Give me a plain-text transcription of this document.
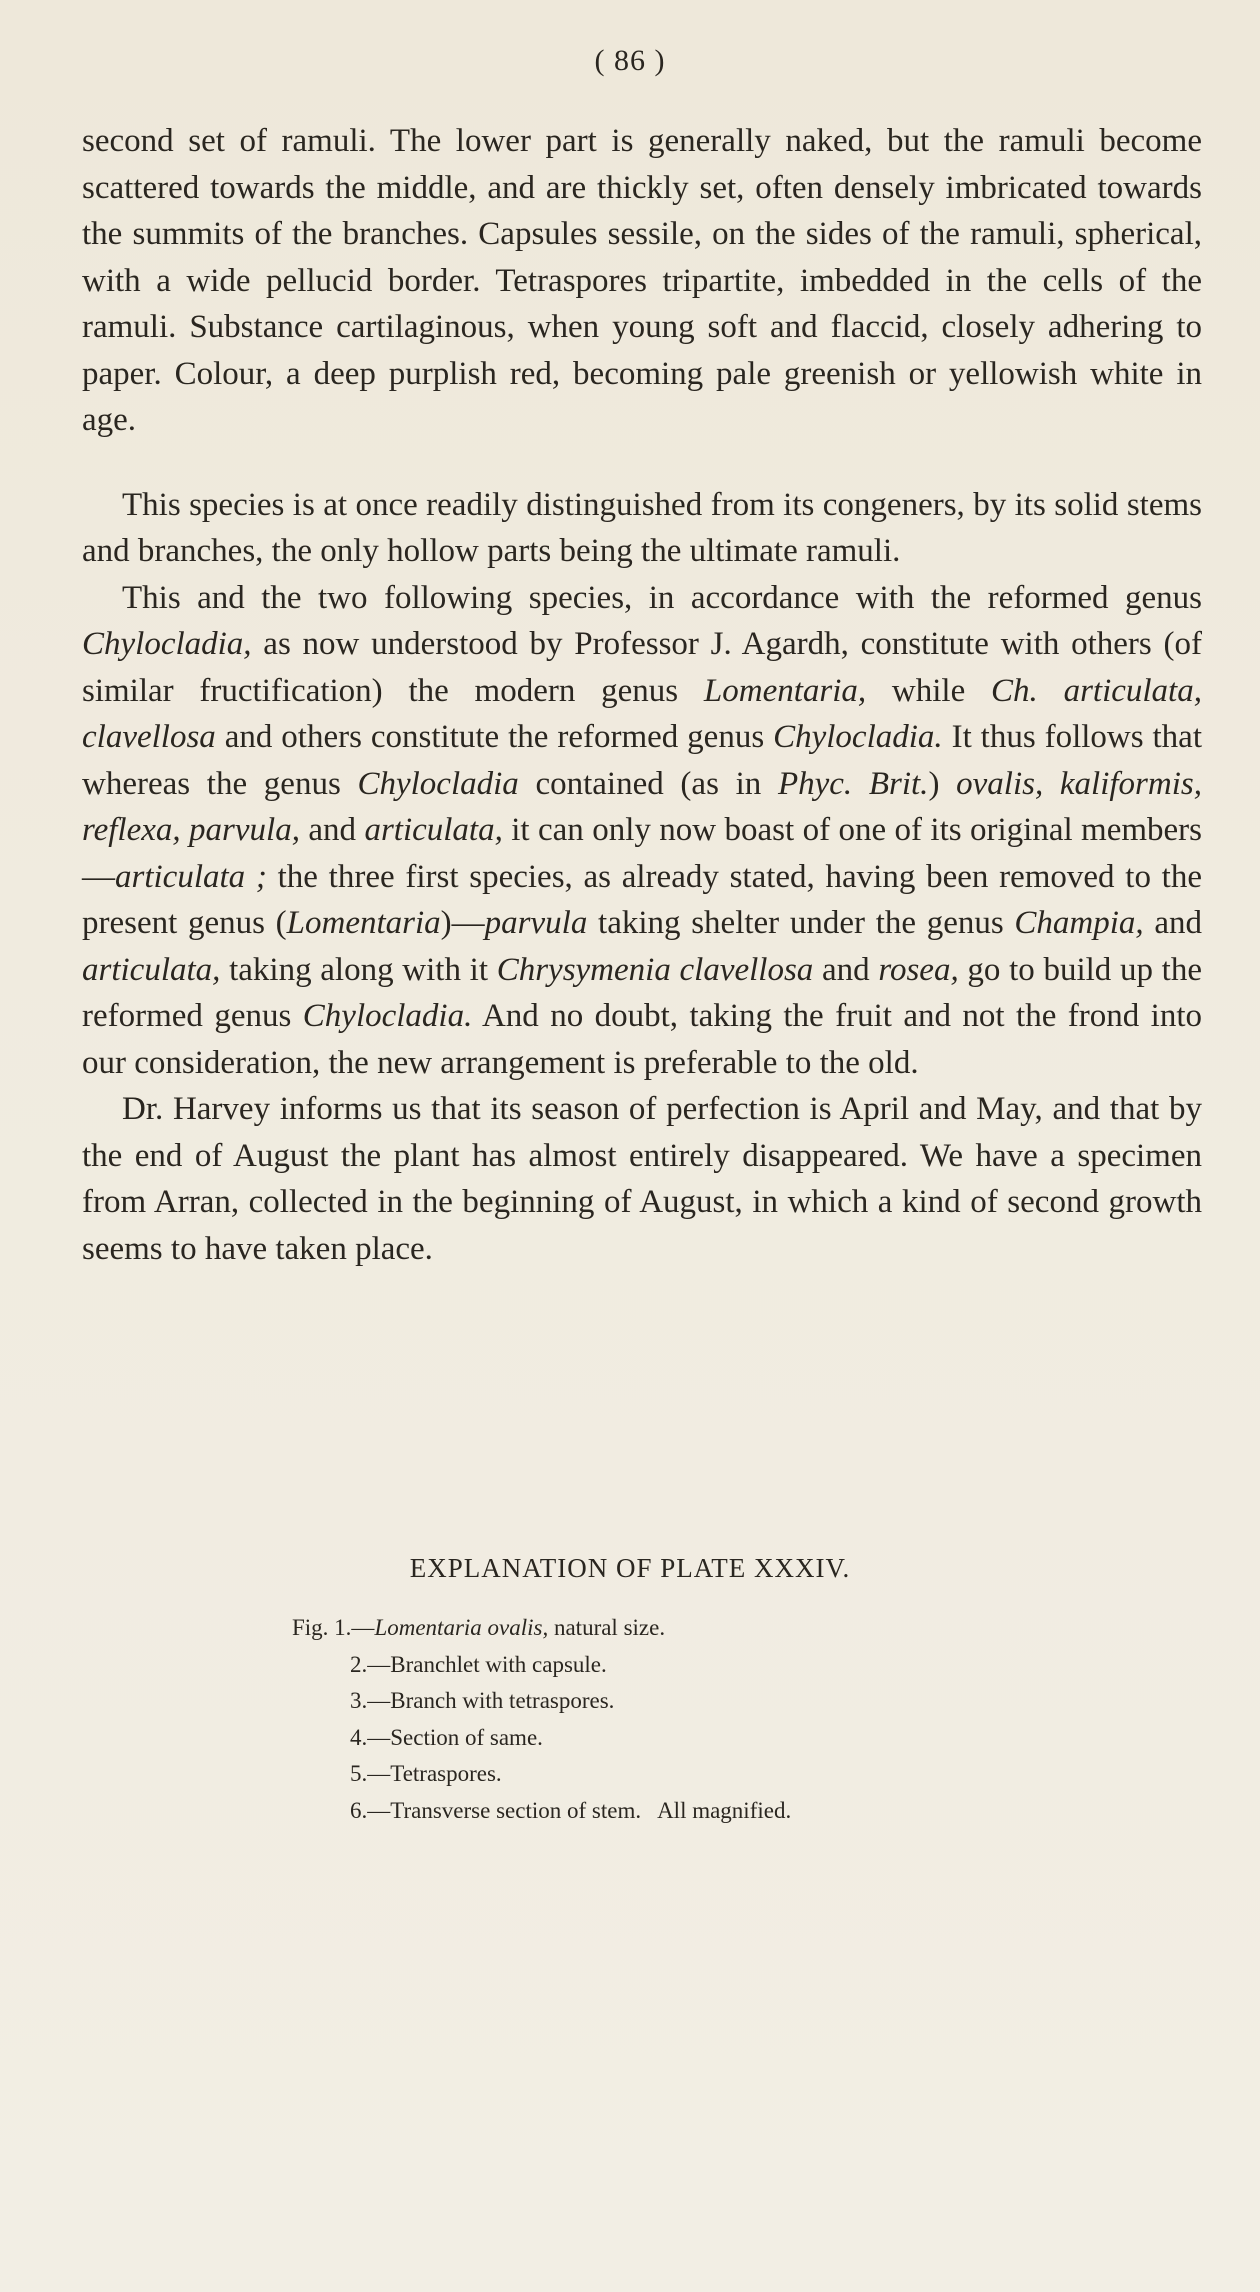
( 86 )

second set of ramuli. The lower part is generally naked, but the ramuli become scattered towards the middle, and are thickly set, often densely imbricated towards the summits of the branches. Capsules sessile, on the sides of the ramuli, spherical, with a wide pellucid border. Tetraspores tripartite, imbedded in the cells of the ramuli. Substance cartilaginous, when young soft and flaccid, closely adhering to paper. Colour, a deep purplish red, becoming pale greenish or yellowish white in age.

This species is at once readily distinguished from its congeners, by its solid stems and branches, the only hollow parts being the ultimate ramuli.

This and the two following species, in accordance with the reformed genus Chylocladia, as now understood by Professor J. Agardh, constitute with others (of similar fructification) the modern genus Lomentaria, while Ch. articulata, clavellosa and others constitute the reformed genus Chylocladia. It thus follows that whereas the genus Chylocladia contained (as in Phyc. Brit.) ovalis, kaliformis, reflexa, parvula, and articulata, it can only now boast of one of its original members—articulata ; the three first species, as already stated, having been removed to the present genus (Lomentaria)—parvula taking shelter under the genus Champia, and articulata, taking along with it Chrysymenia clavellosa and rosea, go to build up the reformed genus Chylocladia. And no doubt, taking the fruit and not the frond into our consideration, the new arrangement is preferable to the old.

Dr. Harvey informs us that its season of perfection is April and May, and that by the end of August the plant has almost entirely disappeared. We have a specimen from Arran, collected in the beginning of August, in which a kind of second growth seems to have taken place.

EXPLANATION OF PLATE XXXIV.
Fig. 1.—Lomentaria ovalis, natural size.
2.—Branchlet with capsule.
3.—Branch with tetraspores.
4.—Section of same.
5.—Tetraspores.
6.—Transverse section of stem.   All magnified.
